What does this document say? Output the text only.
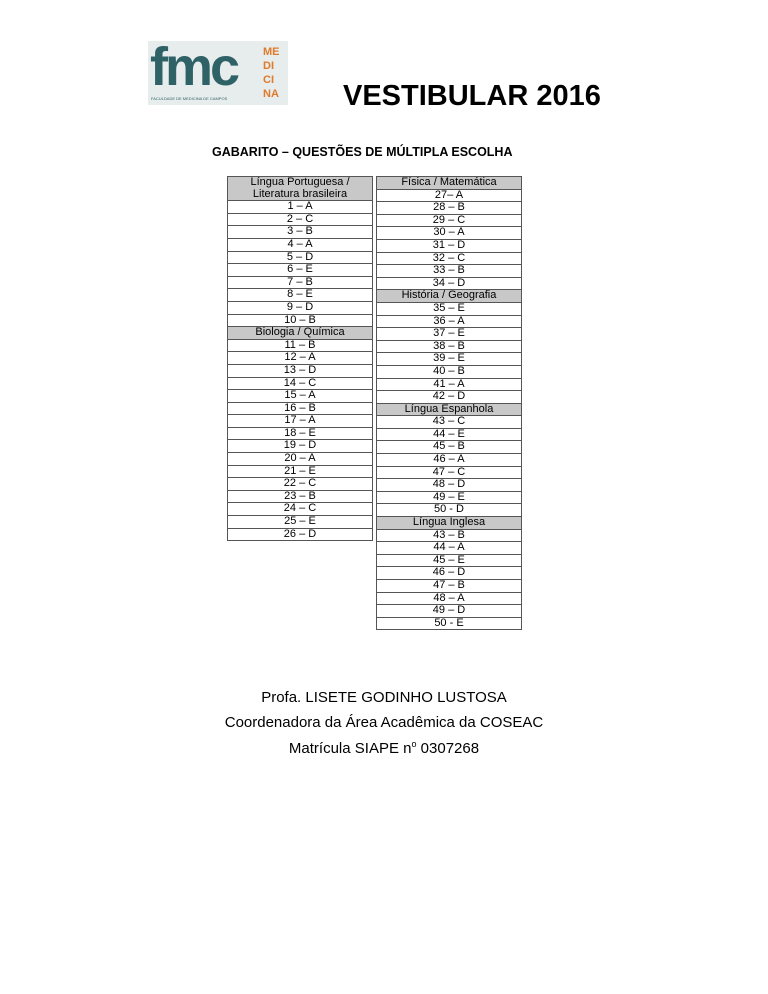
fmc
FACULDADE DE MEDICINA DE CAMPOS
ME
DI
CI
NA VESTIBULAR 2016
GABARITO – QUESTÕES DE MÚLTIPLA ESCOLHA
Língua Portuguesa / Literatura brasileira
1 – A
2 – C
3 – B
4 – A
5 – D
6 – E
7 – B
8 – E
9 – D
10 – B
Biologia / Química
11 – B
12 – A
13 – D
14 – C
15 – A
16 – B
17 – A
18 – E
19 – D
20 – A
21 – E
22 – C
23 – B
24 – C
25 – E
26 – D
Física / Matemática
27– A
28 – B
29 – C
30 – A
31 – D
32 – C
33 – B
34 – D
História / Geografia
35 – E
36 – A
37 – E
38 – B
39 – E
40 – B
41 – A
42 – D
Língua Espanhola
43 – C
44 – E
45 – B
46 – A
47 – C
48 – D
49 – E
50 - D
Língua Inglesa
43 – B
44 – A
45 – E
46 – D
47 – B
48 – A
49 – D
50 - E
Profa. LISETE GODINHO LUSTOSA
Coordenadora da Área Acadêmica da COSEAC
Matrícula SIAPE $n^o$ 0307268
